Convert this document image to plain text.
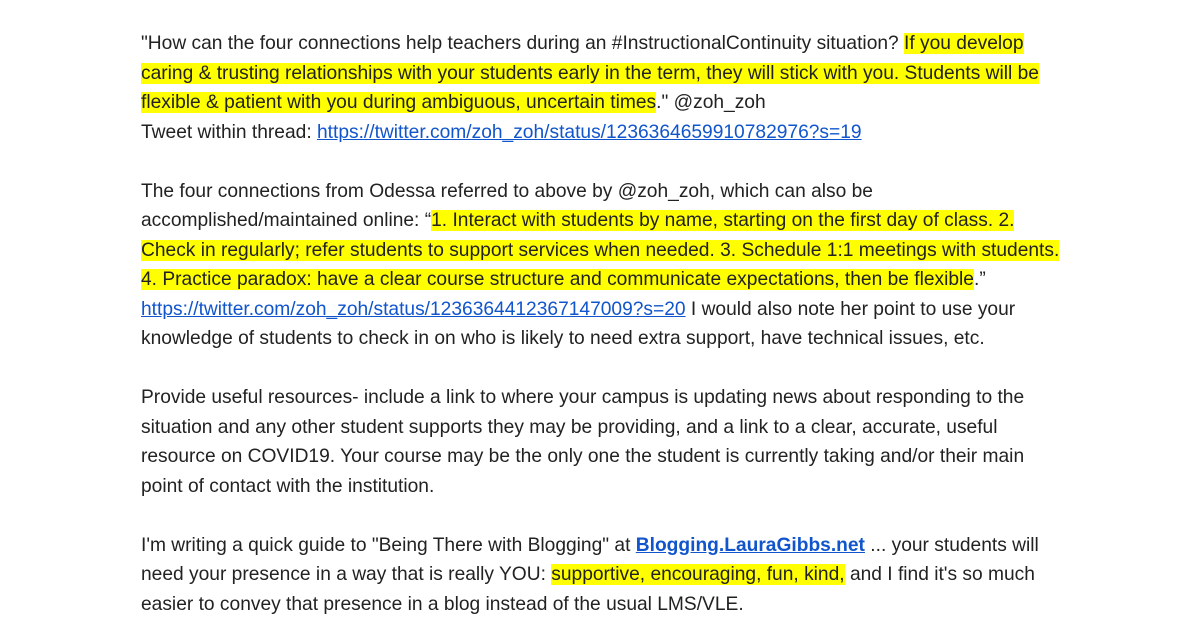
"How can the four connections help teachers during an #InstructionalContinuity situation? If you develop caring & trusting relationships with your students early in the term, they will stick with you. Students will be flexible & patient with you during ambiguous, uncertain times." @zoh_zoh
Tweet within thread: https://twitter.com/zoh_zoh/status/1236364659910782976?s=19

The four connections from Odessa referred to above by @zoh_zoh, which can also be accomplished/maintained online: “1. Interact with students by name, starting on the first day of class. 2. Check in regularly; refer students to support services when needed. 3. Schedule 1:1 meetings with students. 4. Practice paradox: have a clear course structure and communicate expectations, then be flexible.” https://twitter.com/zoh_zoh/status/1236364412367147009?s=20 I would also note her point to use your knowledge of students to check in on who is likely to need extra support, have technical issues, etc.

Provide useful resources- include a link to where your campus is updating news about responding to the situation and any other student supports they may be providing, and a link to a clear, accurate, useful resource on COVID19. Your course may be the only one the student is currently taking and/or their main point of contact with the institution.

I'm writing a quick guide to "Being There with Blogging" at Blogging.LauraGibbs.net ... your students will need your presence in a way that is really YOU: supportive, encouraging, fun, kind, and I find it's so much easier to convey that presence in a blog instead of the usual LMS/VLE.
